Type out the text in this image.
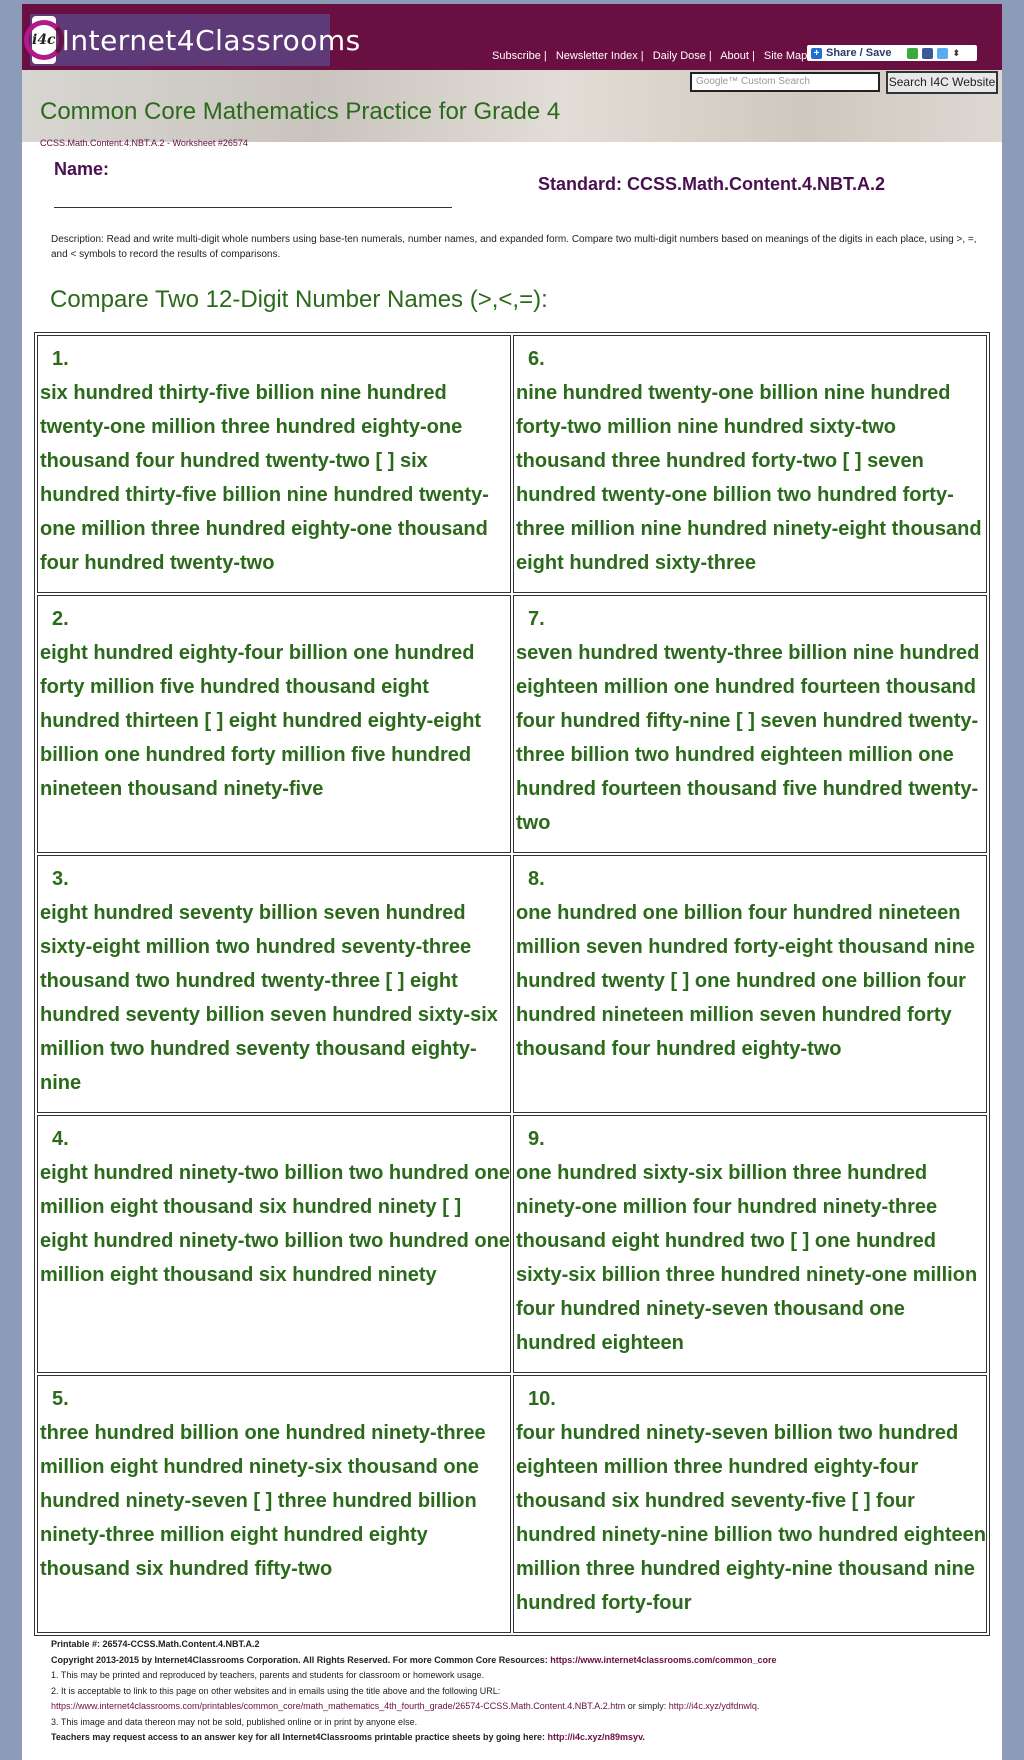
i4c Internet4Classrooms	Subscribe | Newsletter Index | Daily Dose | About | Site Map + Share / Save	⬍
Common Core Mathematics Practice for Grade 4
Google™ Custom Search	Search I4C Website
CCSS.Math.Content.4.NBT.A.2 - Worksheet #26574
Name:
Standard: CCSS.Math.Content.4.NBT.A.2
Description: Read and write multi-digit whole numbers using base-ten numerals, number names, and expanded form. Compare two multi-digit numbers based on meanings of the digits in each place, using >, =, and < symbols to record the results of comparisons.
Compare Two 12-Digit Number Names (>,<,=):
1.
six hundred thirty-five billion nine hundred twenty-one million three hundred eighty-one thousand four hundred twenty-two [ ] six hundred thirty-five billion nine hundred twenty-one million three hundred eighty-one thousand four hundred twenty-two
6.
nine hundred twenty-one billion nine hundred forty-two million nine hundred sixty-two thousand three hundred forty-two [ ] seven hundred twenty-one billion two hundred forty-three million nine hundred ninety-eight thousand eight hundred sixty-three
2.
eight hundred eighty-four billion one hundred forty million five hundred thousand eight hundred thirteen [ ] eight hundred eighty-eight billion one hundred forty million five hundred nineteen thousand ninety-five
7.
seven hundred twenty-three billion nine hundred eighteen million one hundred fourteen thousand four hundred fifty-nine [ ] seven hundred twenty-three billion two hundred eighteen million one hundred fourteen thousand five hundred twenty-two
3.
eight hundred seventy billion seven hundred sixty-eight million two hundred seventy-three thousand two hundred twenty-three [ ] eight hundred seventy billion seven hundred sixty-six million two hundred seventy thousand eighty-nine
8.
one hundred one billion four hundred nineteen million seven hundred forty-eight thousand nine hundred twenty [ ] one hundred one billion four hundred nineteen million seven hundred forty thousand four hundred eighty-two
4.
eight hundred ninety-two billion two hundred one million eight thousand six hundred ninety [ ] eight hundred ninety-two billion two hundred one million eight thousand six hundred ninety
9.
one hundred sixty-six billion three hundred ninety-one million four hundred ninety-three thousand eight hundred two [ ] one hundred sixty-six billion three hundred ninety-one million four hundred ninety-seven thousand one hundred eighteen
5.
three hundred billion one hundred ninety-three million eight hundred ninety-six thousand one hundred ninety-seven [ ] three hundred billion ninety-three million eight hundred eighty thousand six hundred fifty-two
10.
four hundred ninety-seven billion two hundred eighteen million three hundred eighty-four thousand six hundred seventy-five [ ] four hundred ninety-nine billion two hundred eighteen million three hundred eighty-nine thousand nine hundred forty-four
Printable #: 26574-CCSS.Math.Content.4.NBT.A.2
Copyright 2013-2015 by Internet4Classrooms Corporation. All Rights Reserved. For more Common Core Resources: https://www.internet4classrooms.com/common_core
1. This may be printed and reproduced by teachers, parents and students for classroom or homework usage.
2. It is acceptable to link to this page on other websites and in emails using the title above and the following URL:
https://www.internet4classrooms.com/printables/common_core/math_mathematics_4th_fourth_grade/26574-CCSS.Math.Content.4.NBT.A.2.htm or simply: http://i4c.xyz/ydfdnwlq.
3. This image and data thereon may not be sold, published online or in print by anyone else.
Teachers may request access to an answer key for all Internet4Classrooms printable practice sheets by going here: http://i4c.xyz/n89msyv.
